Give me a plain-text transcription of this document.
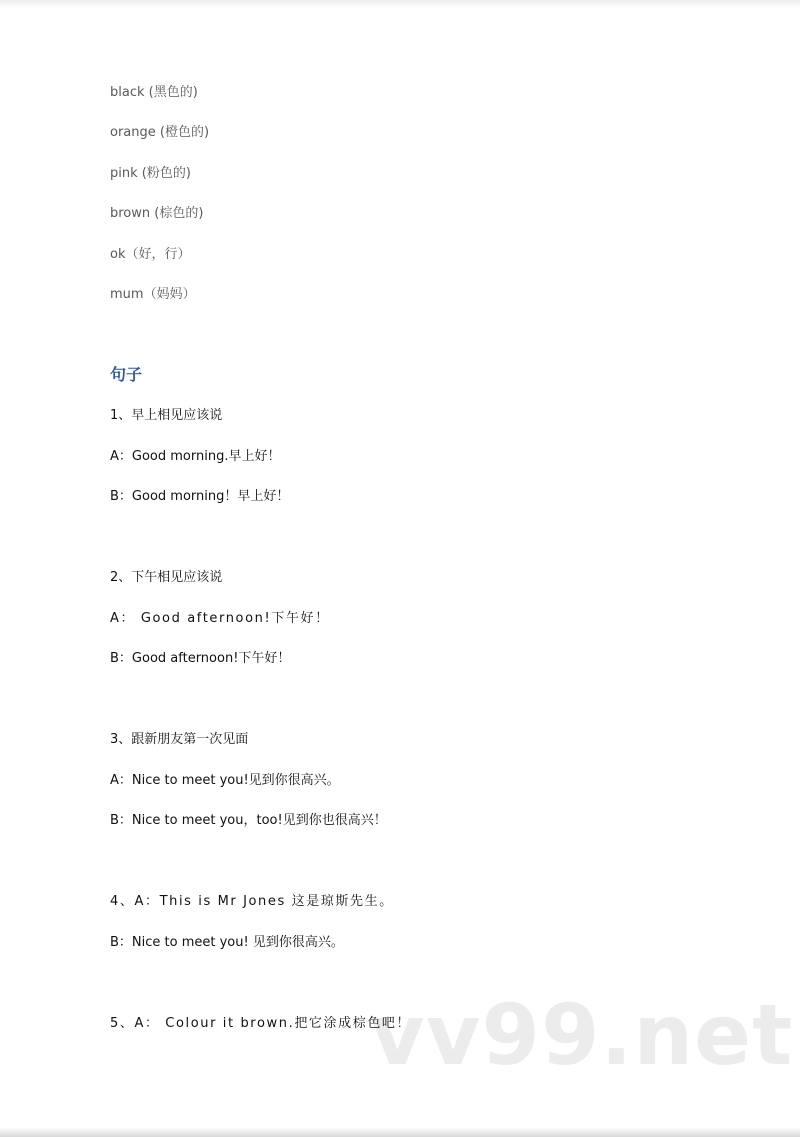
black (黑色的)
orange (橙色的)
pink (粉色的)
brown (棕色的)
ok（好，行）
mum（妈妈）
句子
1、早上相见应该说
A：Good morning.早上好！
B：Good morning！早上好！
2、下午相见应该说
A： Good afternoon!下午好！
B：Good afternoon!下午好！
3、跟新朋友第一次见面
A：Nice to meet you!见到你很高兴。
B：Nice to meet you，too!见到你也很高兴！
4、A：This is Mr Jones 这是琼斯先生。
B：Nice to meet you! 见到你很高兴。
5、A： Colour it brown.把它涂成棕色吧！
vv99.net
